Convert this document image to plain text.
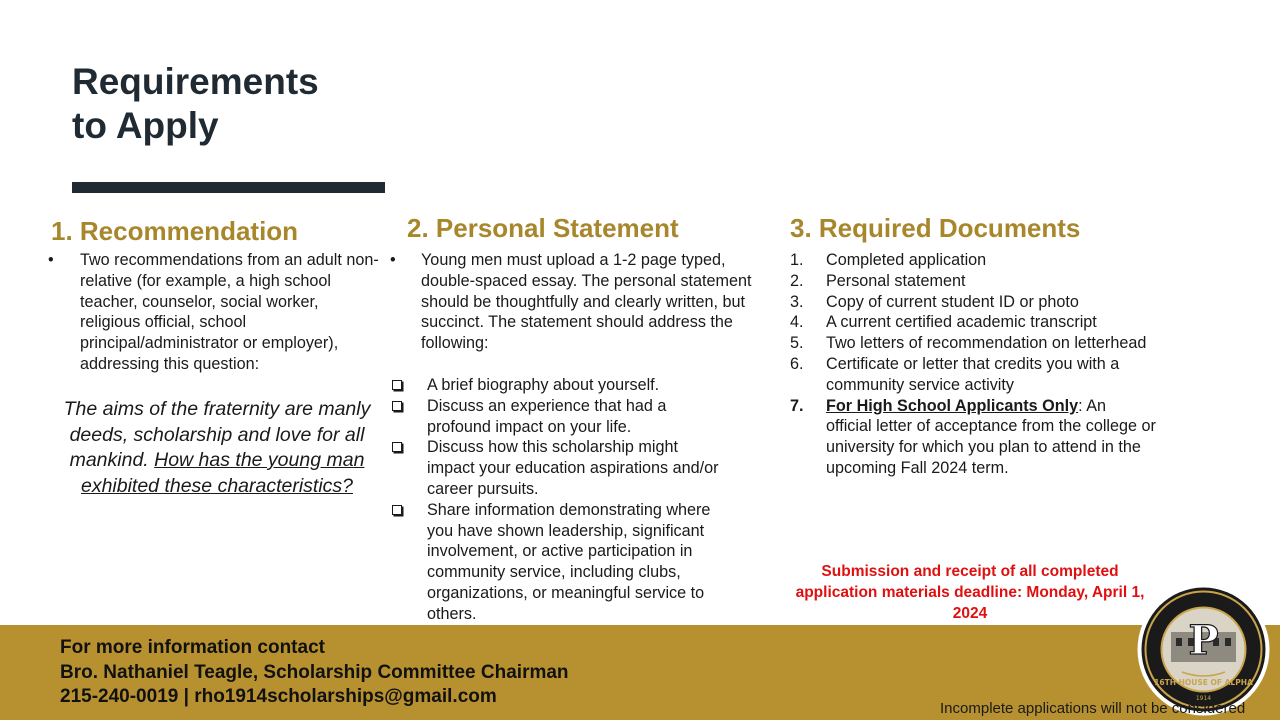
Requirements
to Apply
1. Recommendation
• Two recommendations from an adult non-relative (for example, a high school teacher, counselor, social worker, religious official, school principal/administrator or employer), addressing this question:

The aims of the fraternity are manly deeds, scholarship and love for all mankind. How has the young man exhibited these characteristics?

2. Personal Statement
• Young men must upload a 1-2 page typed, double-spaced essay. The personal statement should be thoughtfully and clearly written, but succinct. The statement should address the following:
A brief biography about yourself.
Discuss an experience that had a profound impact on your life.
Discuss how this scholarship might impact your education aspirations and/or career pursuits.
Share information demonstrating where you have shown leadership, significant involvement, or active participation in community service, including clubs, organizations, or meaningful service to others.
3. Required Documents
1. Completed application
2. Personal statement
3. Copy of current student ID or photo
4. A current certified academic transcript
5. Two letters of recommendation on letterhead
6. Certificate or letter that credits you with a community service activity
7. For High School Applicants Only: An official letter of acceptance from the college or university for which you plan to attend in the upcoming Fall 2024 term.

Submission and receipt of all completed application materials deadline: Monday, April 1, 2024

For more information contact
Bro. Nathaniel Teagle, Scholarship Committee Chairman
215-240-0019 | rho1914scholarships@gmail.com
P
16TH HOUSE OF ALPHA
1914
Incomplete applications will not be considered
